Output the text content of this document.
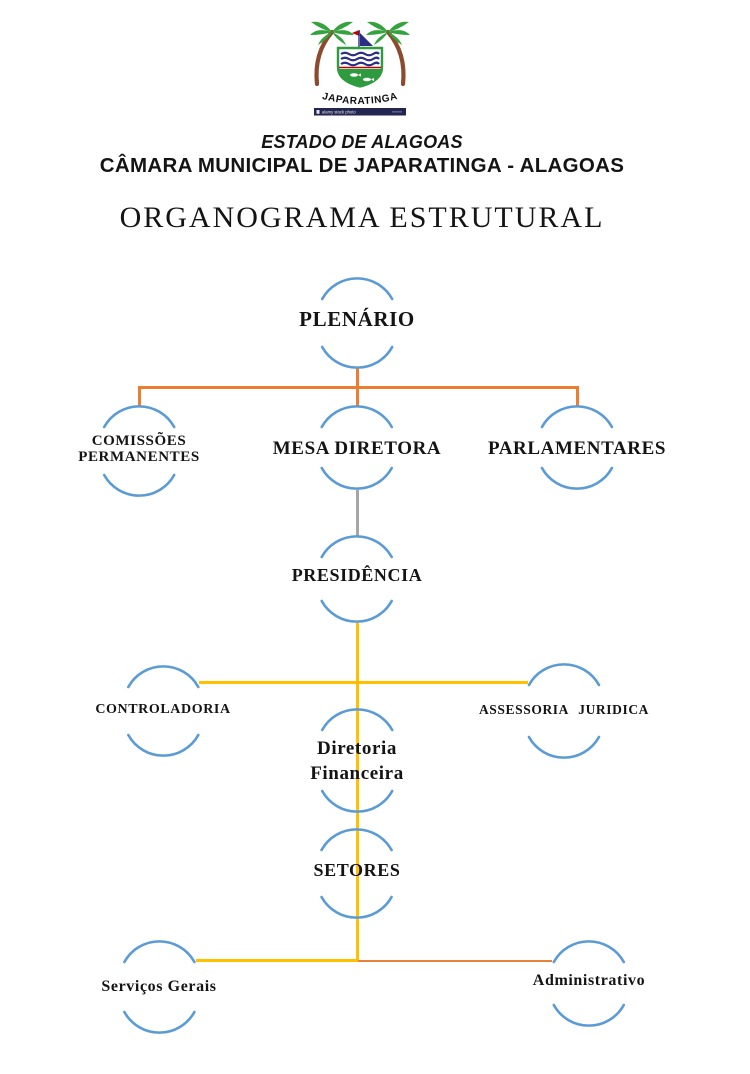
JAPARATINGA
alamy stock photo
ESTADO DE ALAGOAS
CÂMARA MUNICIPAL DE JAPARATINGA - ALAGOAS
ORGANOGRAMA ESTRUTURAL
PLENÁRIO
COMISSÕES
PERMANENTES	MESA DIRETORA PARLAMENTARES
PRESIDÊNCIA
CONTROLADORIA	ASSESSORIA JURIDICA
Diretoria
Financeira
SETORES
Serviços Gerais	Administrativo
